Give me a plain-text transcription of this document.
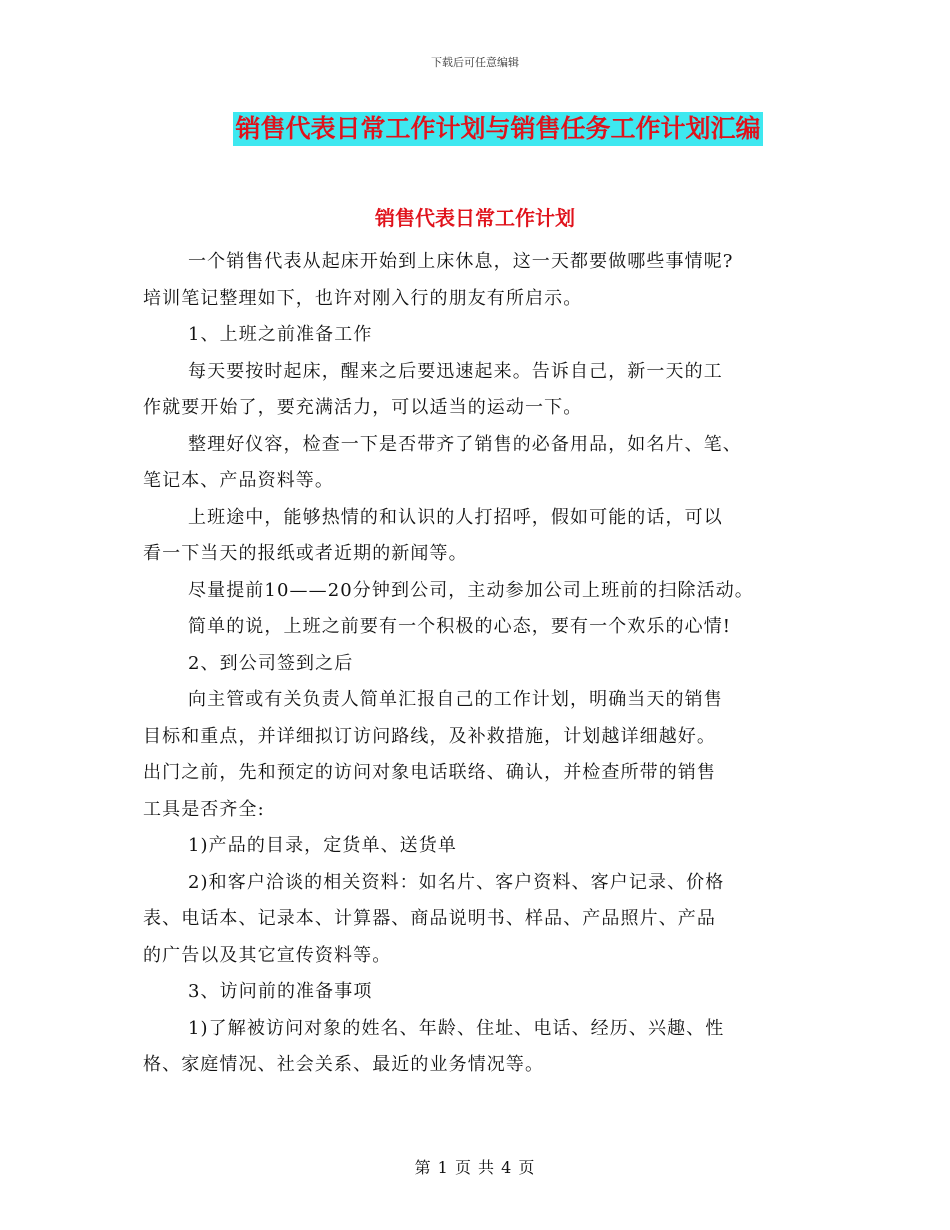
下载后可任意编辑
销售代表日常工作计划与销售任务工作计划汇编
销售代表日常工作计划

一个销售代表从起床开始到上床休息，这一天都要做哪些事情呢?

培训笔记整理如下，也许对刚入行的朋友有所启示。

1、上班之前准备工作

每天要按时起床，醒来之后要迅速起来。告诉自己，新一天的工

作就要开始了，要充满活力，可以适当的运动一下。

整理好仪容，检查一下是否带齐了销售的必备用品，如名片、笔、

笔记本、产品资料等。

上班途中，能够热情的和认识的人打招呼，假如可能的话，可以

看一下当天的报纸或者近期的新闻等。

尽量提前10——20分钟到公司，主动参加公司上班前的扫除活动。

简单的说，上班之前要有一个积极的心态，要有一个欢乐的心情!

2、到公司签到之后

向主管或有关负责人简单汇报自己的工作计划，明确当天的销售

目标和重点，并详细拟订访问路线，及补救措施，计划越详细越好。

出门之前，先和预定的访问对象电话联络、确认，并检查所带的销售

工具是否齐全:

1)产品的目录，定货单、送货单

2)和客户洽谈的相关资料：如名片、客户资料、客户记录、价格

表、电话本、记录本、计算器、商品说明书、样品、产品照片、产品

的广告以及其它宣传资料等。

3、访问前的准备事项

1)了解被访问对象的姓名、年龄、住址、电话、经历、兴趣、性

格、家庭情况、社会关系、最近的业务情况等。

第 1 页 共 4 页
